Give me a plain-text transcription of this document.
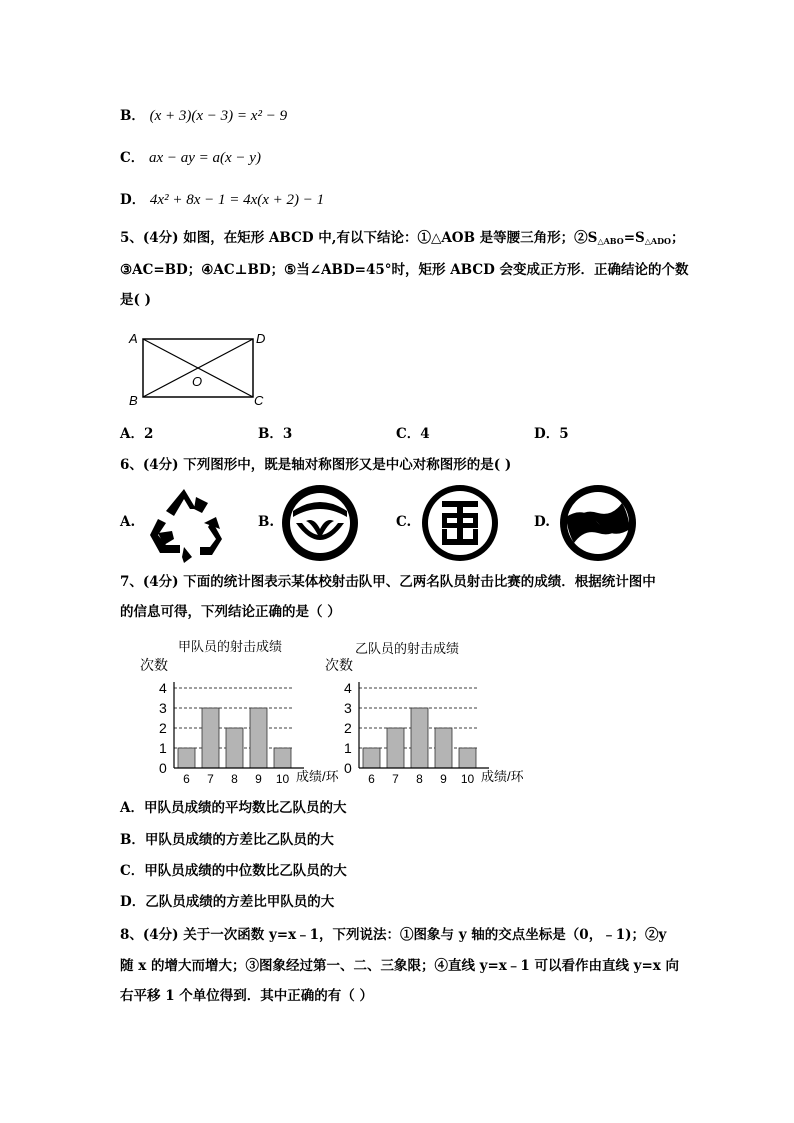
B． (x + 3)(x − 3) = x² − 9
C． ax − ay = a(x − y)
D． 4x² + 8x − 1 = 4x(x + 2) − 1
5、(4分) 如图，在矩形 ABCD 中,有以下结论：①△AOB 是等腰三角形；$②S_{\triangle ABO}=S_{\triangle ADO}$；
③AC=BD；④AC⊥BD；⑤当∠ABD=45°时，矩形 ABCD 会变成正方形．正确结论的个数
是( )
A	D
B	C
O
A．2	B．3	C．4	D．5
6、(4分) 下列图形中，既是轴对称图形又是中心对称图形的是( )
A.	B.	C.	D.
7、(4分) 下面的统计图表示某体校射击队甲、乙两名队员射击比赛的成绩．根据统计图中
的信息可得，下列结论正确的是（ ）
甲队员的射击成绩	乙队员的射击成绩
次数
0
1
2
3
4
6 7 8 9 10 成绩/环
次数
0
1
2
3
4
6 7 8 9 10 成绩/环
A．甲队员成绩的平均数比乙队员的大
B．甲队员成绩的方差比乙队员的大
C．甲队员成绩的中位数比乙队员的大
D．乙队员成绩的方差比甲队员的大
8、(4分) 关于一次函数 y=x﹣1，下列说法：①图象与 y 轴的交点坐标是（0，﹣1)；②y
随 x 的增大而增大；③图象经过第一、二、三象限；④直线 y=x﹣1 可以看作由直线 y=x 向
右平移 1 个单位得到．其中正确的有（ ）
